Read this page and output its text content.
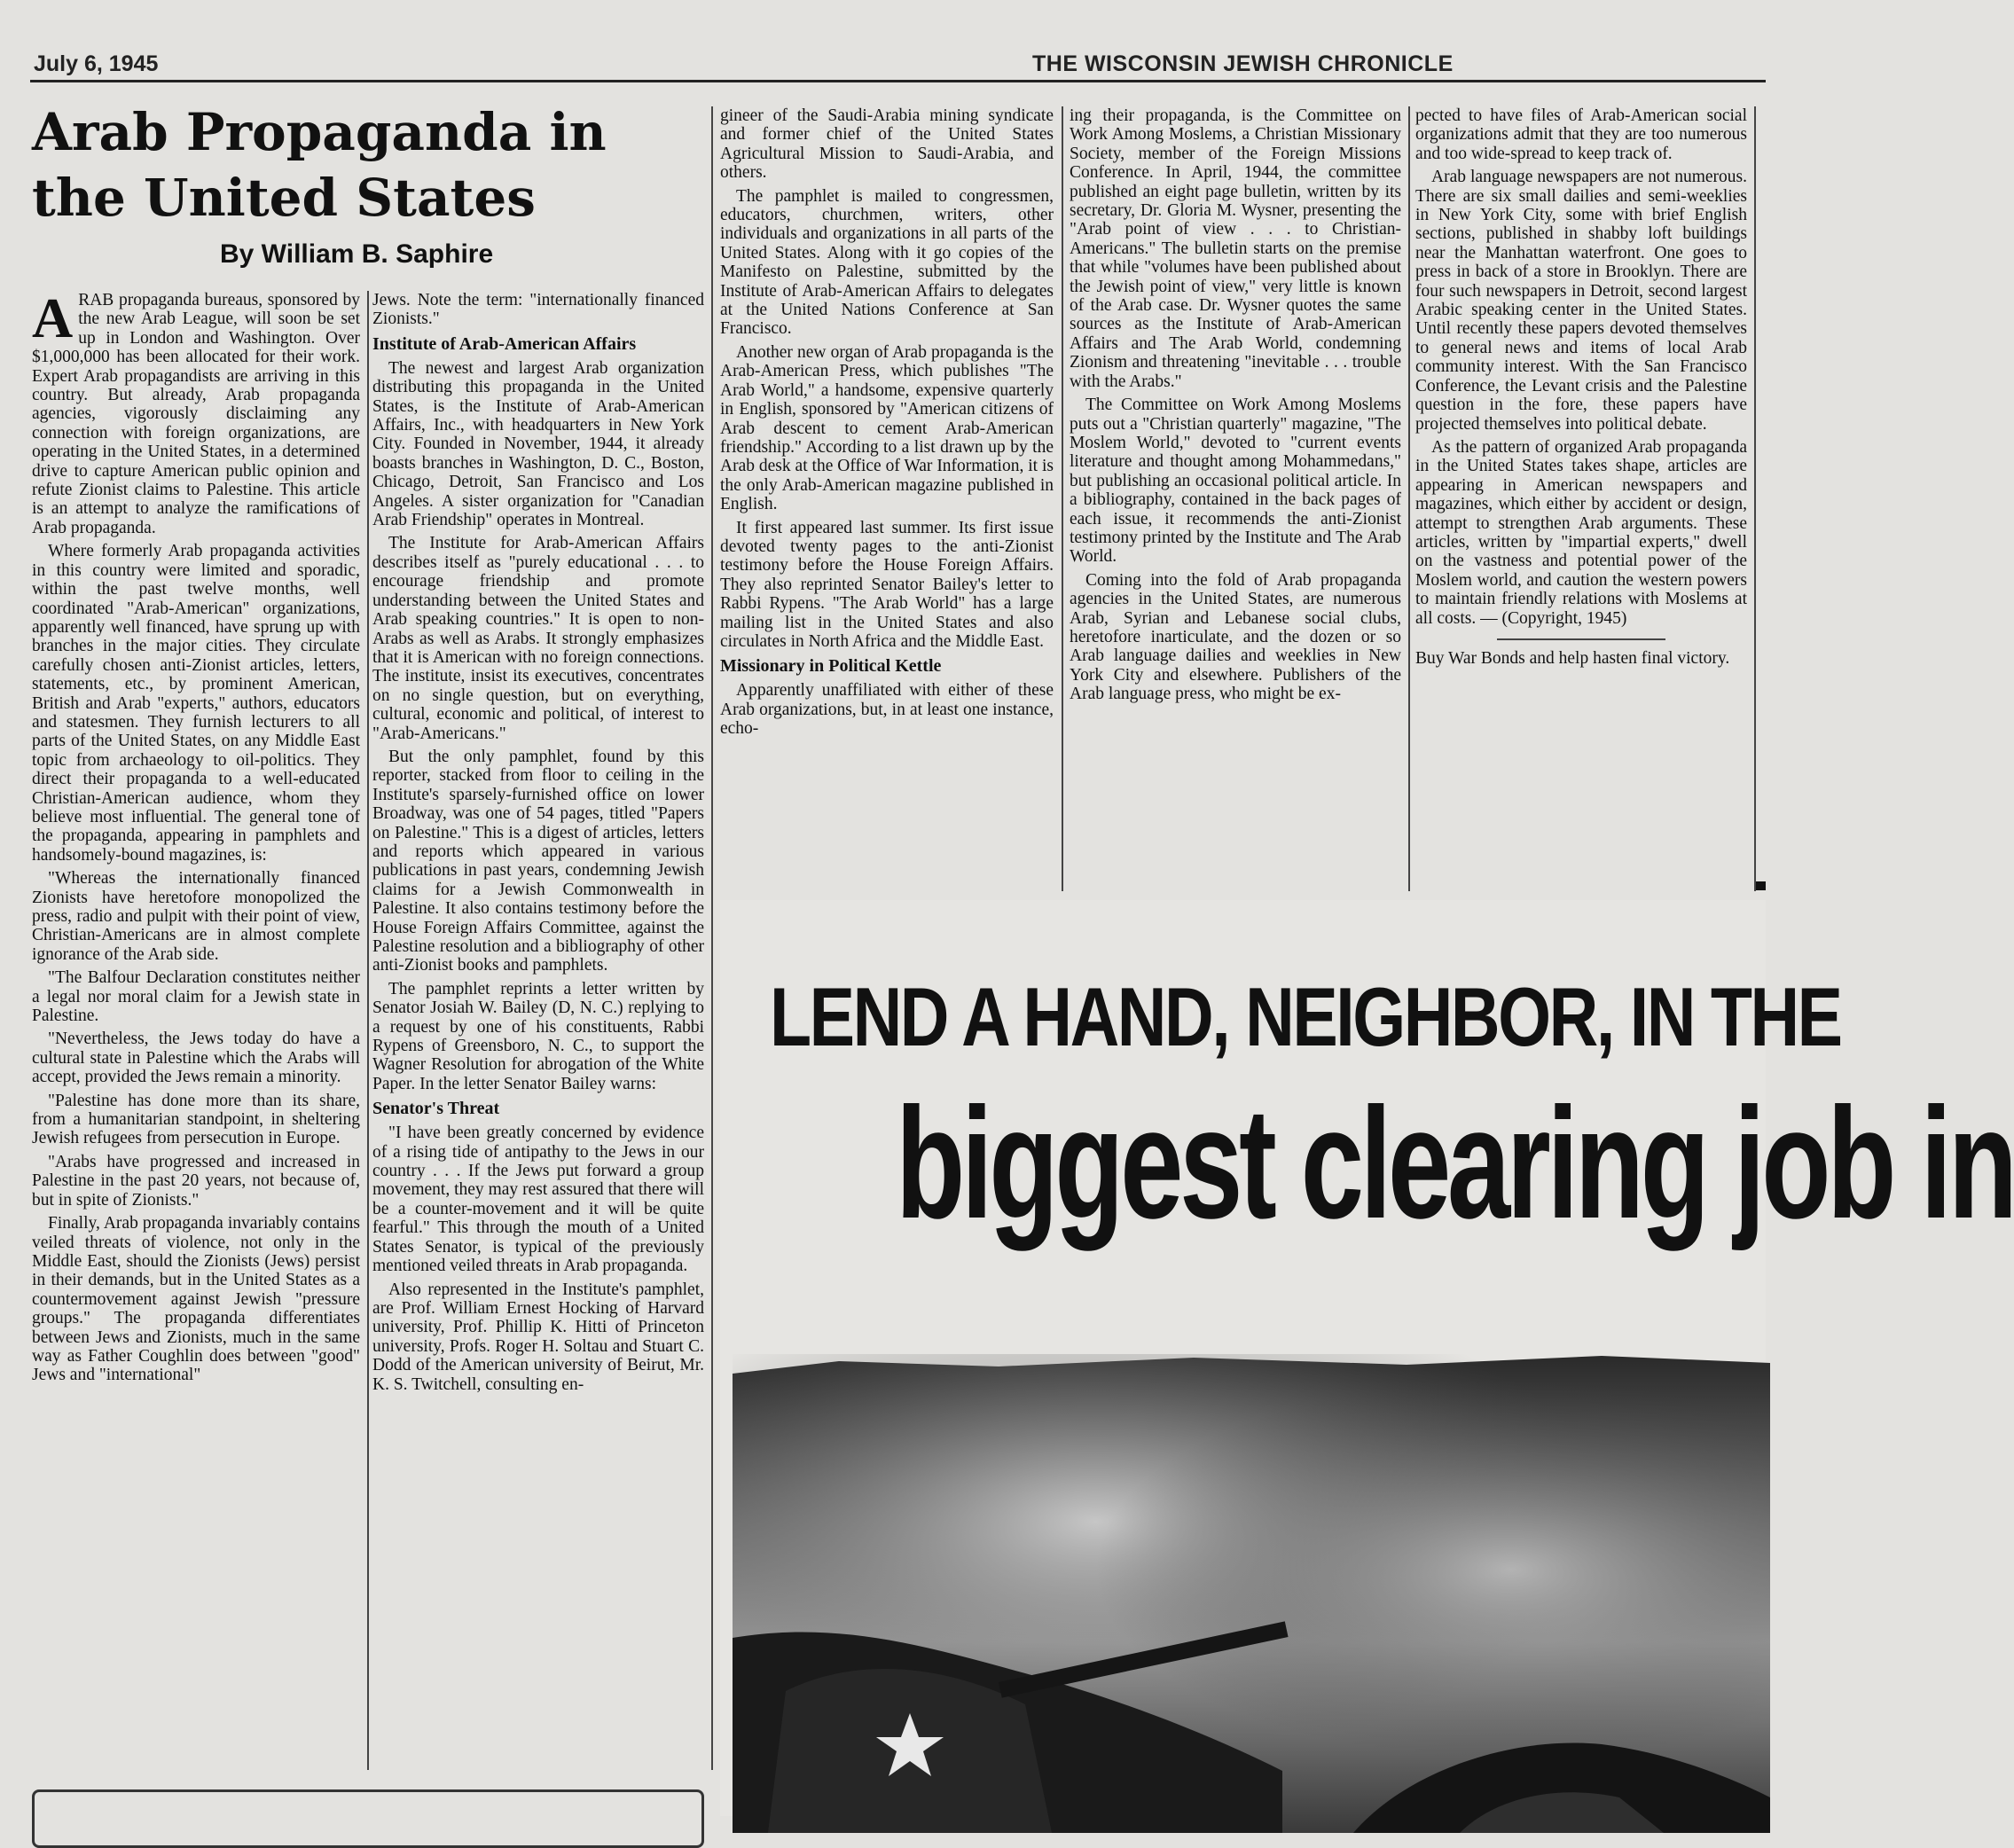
July 6, 1945	THE WISCONSIN JEWISH CHRONICLE
Arab Propaganda in
the United States
By William B. Saphire

ARAB propaganda bureaus, sponsored by the new Arab League, will soon be set up in London and Washington. Over $1,000,000 has been allocated for their work. Expert Arab propagandists are arriving in this country. But already, Arab propaganda agencies, vigorously disclaiming any connection with foreign organizations, are operating in the United States, in a determined drive to capture American public opinion and refute Zionist claims to Palestine. This article is an attempt to analyze the ramifications of Arab propaganda.

Where formerly Arab propaganda activities in this country were limited and sporadic, within the past twelve months, well coordinated "Arab-American" organizations, apparently well financed, have sprung up with branches in the major cities. They circulate carefully chosen anti-Zionist articles, letters, statements, etc., by prominent American, British and Arab "experts," authors, educators and statesmen. They furnish lecturers to all parts of the United States, on any Middle East topic from archaeology to oil-politics. They direct their propaganda to a well-educated Christian-American audience, whom they believe most influential. The general tone of the propaganda, appearing in pamphlets and handsomely-bound magazines, is:

"Whereas the internationally financed Zionists have heretofore monopolized the press, radio and pulpit with their point of view, Christian-Americans are in almost complete ignorance of the Arab side.

"The Balfour Declaration constitutes neither a legal nor moral claim for a Jewish state in Palestine.

"Nevertheless, the Jews today do have a cultural state in Palestine which the Arabs will accept, provided the Jews remain a minority.

"Palestine has done more than its share, from a humanitarian standpoint, in sheltering Jewish refugees from persecution in Europe.

"Arabs have progressed and increased in Palestine in the past 20 years, not because of, but in spite of Zionists."

Finally, Arab propaganda invariably contains veiled threats of violence, not only in the Middle East, should the Zionists (Jews) persist in their demands, but in the United States as a countermovement against Jewish "pressure groups." The propaganda differentiates between Jews and Zionists, much in the same way as Father Coughlin does between "good" Jews and "international"

Jews. Note the term: "internationally financed Zionists."

Institute of Arab-American Affairs

The newest and largest Arab organization distributing this propaganda in the United States, is the Institute of Arab-American Affairs, Inc., with headquarters in New York City. Founded in November, 1944, it already boasts branches in Washington, D. C., Boston, Chicago, Detroit, San Francisco and Los Angeles. A sister organization for "Canadian Arab Friendship" operates in Montreal.

The Institute for Arab-American Affairs describes itself as "purely educational . . . to encourage friendship and promote understanding between the United States and Arab speaking countries." It is open to non-Arabs as well as Arabs. It strongly emphasizes that it is American with no foreign connections. The institute, insist its executives, concentrates on no single question, but on everything, cultural, economic and political, of interest to "Arab-Americans."

But the only pamphlet, found by this reporter, stacked from floor to ceiling in the Institute's sparsely-furnished office on lower Broadway, was one of 54 pages, titled "Papers on Palestine." This is a digest of articles, letters and reports which appeared in various publications in past years, condemning Jewish claims for a Jewish Commonwealth in Palestine. It also contains testimony before the House Foreign Affairs Committee, against the Palestine resolution and a bibliography of other anti-Zionist books and pamphlets.

The pamphlet reprints a letter written by Senator Josiah W. Bailey (D, N. C.) replying to a request by one of his constituents, Rabbi Rypens of Greensboro, N. C., to support the Wagner Resolution for abrogation of the White Paper. In the letter Senator Bailey warns:

Senator's Threat

"I have been greatly concerned by evidence of a rising tide of antipathy to the Jews in our country . . . If the Jews put forward a group movement, they may rest assured that there will be a counter-movement and it will be quite fearful." This through the mouth of a United States Senator, is typical of the previously mentioned veiled threats in Arab propaganda.

Also represented in the Institute's pamphlet, are Prof. William Ernest Hocking of Harvard university, Prof. Phillip K. Hitti of Princeton university, Profs. Roger H. Soltau and Stuart C. Dodd of the American university of Beirut, Mr. K. S. Twitchell, consulting en-

gineer of the Saudi-Arabia mining syndicate and former chief of the United States Agricultural Mission to Saudi-Arabia, and others.

The pamphlet is mailed to congressmen, educators, churchmen, writers, other individuals and organizations in all parts of the United States. Along with it go copies of the Manifesto on Palestine, submitted by the Institute of Arab-American Affairs to delegates at the United Nations Conference at San Francisco.

Another new organ of Arab propaganda is the Arab-American Press, which publishes "The Arab World," a handsome, expensive quarterly in English, sponsored by "American citizens of Arab descent to cement Arab-American friendship." According to a list drawn up by the Arab desk at the Office of War Information, it is the only Arab-American magazine published in English.

It first appeared last summer. Its first issue devoted twenty pages to the anti-Zionist testimony before the House Foreign Affairs. They also reprinted Senator Bailey's letter to Rabbi Rypens. "The Arab World" has a large mailing list in the United States and also circulates in North Africa and the Middle East.

Missionary in Political Kettle

Apparently unaffiliated with either of these Arab organizations, but, in at least one instance, echo-

ing their propaganda, is the Committee on Work Among Moslems, a Christian Missionary Society, member of the Foreign Missions Conference. In April, 1944, the committee published an eight page bulletin, written by its secretary, Dr. Gloria M. Wysner, presenting the "Arab point of view . . . to Christian-Americans." The bulletin starts on the premise that while "volumes have been published about the Jewish point of view," very little is known of the Arab case. Dr. Wysner quotes the same sources as the Institute of Arab-American Affairs and The Arab World, condemning Zionism and threatening "inevitable . . . trouble with the Arabs."

The Committee on Work Among Moslems puts out a "Christian quarterly" magazine, "The Moslem World," devoted to "current events literature and thought among Mohammedans," but publishing an occasional political article. In a bibliography, contained in the back pages of each issue, it recommends the anti-Zionist testimony printed by the Institute and The Arab World.

Coming into the fold of Arab propaganda agencies in the United States, are numerous Arab, Syrian and Lebanese social clubs, heretofore inarticulate, and the dozen or so Arab language dailies and weeklies in New York City and elsewhere. Publishers of the Arab language press, who might be ex-

pected to have files of Arab-American social organizations admit that they are too numerous and too wide-spread to keep track of.

Arab language newspapers are not numerous. There are six small dailies and semi-weeklies in New York City, some with brief English sections, published in shabby loft buildings near the Manhattan waterfront. One goes to press in back of a store in Brooklyn. There are four such newspapers in Detroit, second largest Arabic speaking center in the United States. Until recently these papers devoted themselves to general news and items of local Arab community interest. With the San Francisco Conference, the Levant crisis and the Palestine question in the fore, these papers have projected themselves into political debate.

As the pattern of organized Arab propaganda in the United States takes shape, articles are appearing in American newspapers and magazines, which either by accident or design, attempt to strengthen Arab arguments. These articles, written by "impartial experts," dwell on the vastness and potential power of the Moslem world, and caution the western powers to maintain friendly relations with Moslems at all costs. — (Copyright, 1945)

Buy War Bonds and help hasten final victory.

LEND A HAND, NEIGHBOR, IN THE
biggest clearing job in
